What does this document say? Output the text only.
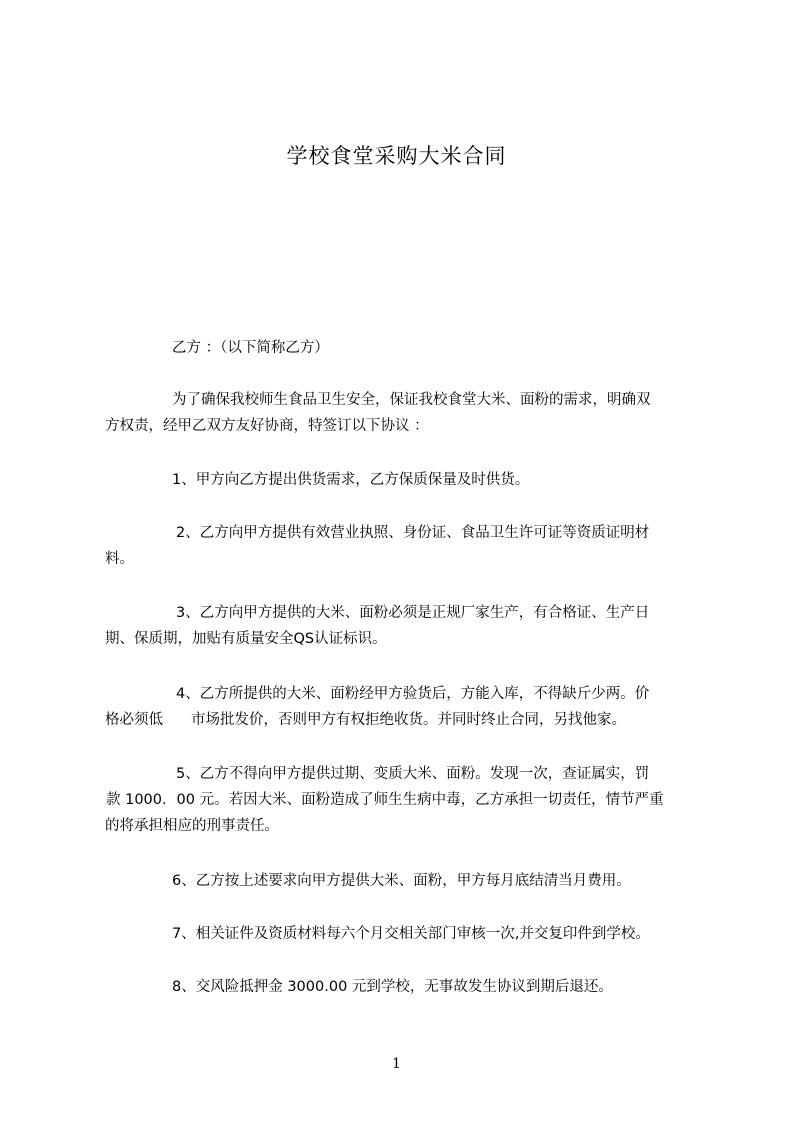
学校食堂采购大米合同
乙方 ：（以下简称乙方）
为了确保我校师生食品卫生安全，保证我校食堂大米、面粉的需求，明确双
方权责，经甲乙双方友好协商，特签订以下协议 ：
1、甲方向乙方提出供货需求，乙方保质保量及时供货。
2、乙方向甲方提供有效营业执照、身份证、食品卫生许可证等资质证明材
料。
3、乙方向甲方提供的大米、面粉必须是正规厂家生产，有合格证、生产日
期、保质期，加贴有质量安全QS认证标识。
4、乙方所提供的大米、面粉经甲方验货后，方能入库，不得缺斤少两。价
格必须低 市场批发价，否则甲方有权拒绝收货。并同时终止合同，另找他家。
5、乙方不得向甲方提供过期、变质大米、面粉。发现一次，查证属实，罚
款 1000．00 元。若因大米、面粉造成了师生生病中毒，乙方承担一切责任，情节严重
的将承担相应的刑事责任。
6、乙方按上述要求向甲方提供大米、面粉，甲方每月底结清当月费用。
7、相关证件及资质材料每六个月交相关部门审核一次,并交复印件到学校。
8、交风险抵押金 3000.00 元到学校，无事故发生协议到期后退还。
1
